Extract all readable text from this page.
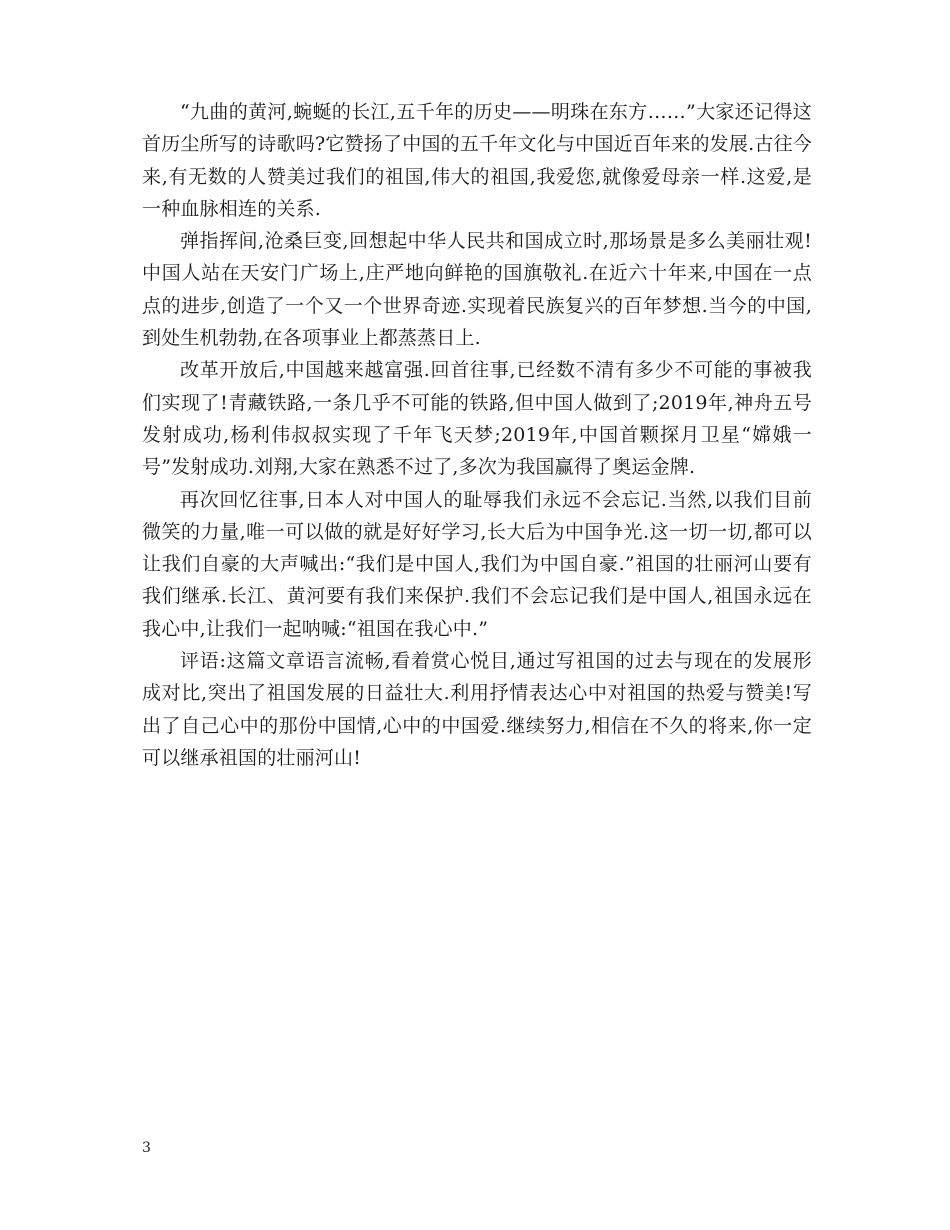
“九曲的黄河,蜿蜒的长江,五千年的历史——明珠在东方……”大家还记得这首历尘所写的诗歌吗?它赞扬了中国的五千年文化与中国近百年来的发展.古往今来,有无数的人赞美过我们的祖国,伟大的祖国,我爱您,就像爱母亲一样.这爱,是一种血脉相连的关系.

弹指挥间,沧桑巨变,回想起中华人民共和国成立时,那场景是多么美丽壮观!中国人站在天安门广场上,庄严地向鲜艳的国旗敬礼.在近六十年来,中国在一点点的进步,创造了一个又一个世界奇迹.实现着民族复兴的百年梦想.当今的中国,到处生机勃勃,在各项事业上都蒸蒸日上.

改革开放后,中国越来越富强.回首往事,已经数不清有多少不可能的事被我们实现了!青藏铁路,一条几乎不可能的铁路,但中国人做到了;2019年,神舟五号发射成功,杨利伟叔叔实现了千年飞天梦;2019年,中国首颗探月卫星“嫦娥一号”发射成功.刘翔,大家在熟悉不过了,多次为我国赢得了奥运金牌.

再次回忆往事,日本人对中国人的耻辱我们永远不会忘记.当然,以我们目前微笑的力量,唯一可以做的就是好好学习,长大后为中国争光.这一切一切,都可以让我们自豪的大声喊出:“我们是中国人,我们为中国自豪.”祖国的壮丽河山要有我们继承.长江、黄河要有我们来保护.我们不会忘记我们是中国人,祖国永远在我心中,让我们一起呐喊:“祖国在我心中.”

评语:这篇文章语言流畅,看着赏心悦目,通过写祖国的过去与现在的发展形成对比,突出了祖国发展的日益壮大.利用抒情表达心中对祖国的热爱与赞美!写出了自己心中的那份中国情,心中的中国爱.继续努力,相信在不久的将来,你一定可以继承祖国的壮丽河山!

3
